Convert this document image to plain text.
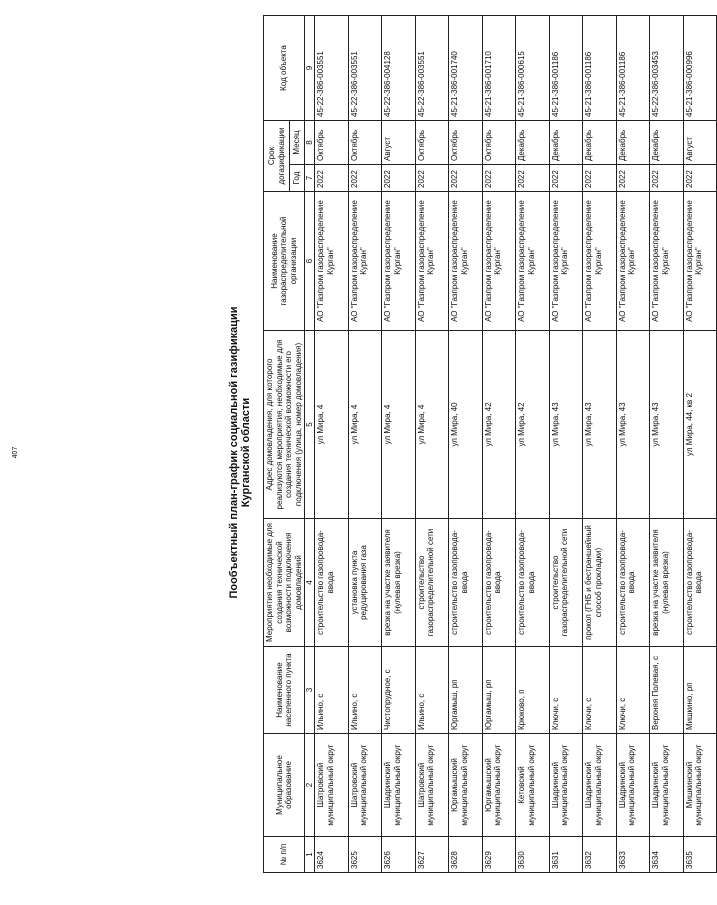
407	Пообъектный план-график социальной газификации Курганской области
№ п/п	Муниципальное образование	Наименование населенного пункта	Мероприятия необходимые для создания технической возможности подключения домовладений	Адрес домовладения, для которого реализуются мероприятия, необходимые для создания технической возможности его подключения (улица, номер домовладения)	Наименование газораспределительной организации	Срок догазификации		Код объекта
						Год	Месяц	
1	2	3	4	5	6	7	8	9
3624	Шатровский муниципальный округ	Ильино, с	строительство газопровода-ввода	ул Мира, 4	АО "Газпром газораспределение Курган"	2022	Октябрь	45-22-386-003551
3625	Шатровский муниципальный округ	Ильино, с	установка пункта редуцирования газа	ул Мира, 4	АО "Газпром газораспределение Курган"	2022	Октябрь	45-22-386-003551
3626	Шадринский муниципальный округ	Чистопрудное, с	врезка на участке заявителя (нулевая врезка)	ул Мира, 4	АО "Газпром газораспределение Курган"	2022	Август	45-22-386-004128
3627	Шатровский муниципальный округ	Ильино, с	строительство газораспределительной сети	ул Мира, 4	АО "Газпром газораспределение Курган"	2022	Октябрь	45-22-386-003551
3628	Юргамышский муниципальный округ	Юргамыш, рп	строительство газопровода-ввода	ул Мира, 40	АО "Газпром газораспределение Курган"	2022	Октябрь	45-21-386-001740
3629	Юргамышский муниципальный округ	Юргамыш, рп	строительство газопровода-ввода	ул Мира, 42	АО "Газпром газораспределение Курган"	2022	Октябрь	45-21-386-001710
3630	Кетовский муниципальный округ	Крюково, п	строительство газопровода-ввода	ул Мира, 42	АО "Газпром газораспределение Курган"	2022	Декабрь	45-21-386-000615
3631	Шадринский муниципальный округ	Ключи, с	строительство газораспределительной сети	ул Мира, 43	АО "Газпром газораспределение Курган"	2022	Декабрь	45-21-386-001186
3632	Шадринский муниципальный округ	Ключи, с	прокол (ГНБ и бестраншейный способ прокладки)	ул Мира, 43	АО "Газпром газораспределение Курган"	2022	Декабрь	45-21-386-001186
3633	Шадринский муниципальный округ	Ключи, с	строительство газопровода-ввода	ул Мира, 43	АО "Газпром газораспределение Курган"	2022	Декабрь	45-21-386-001186
3634	Шадринский муниципальный округ	Верхняя Полевая, с	врезка на участке заявителя (нулевая врезка)	ул Мира, 43	АО "Газпром газораспределение Курган"	2022	Декабрь	45-22-386-003453
3635	Мишкинский муниципальный округ	Мишкино, рп	строительство газопровода-ввода	ул Мира, 44, кв 2	АО "Газпром газораспределение Курган"	2022	Август	45-21-386-000996
